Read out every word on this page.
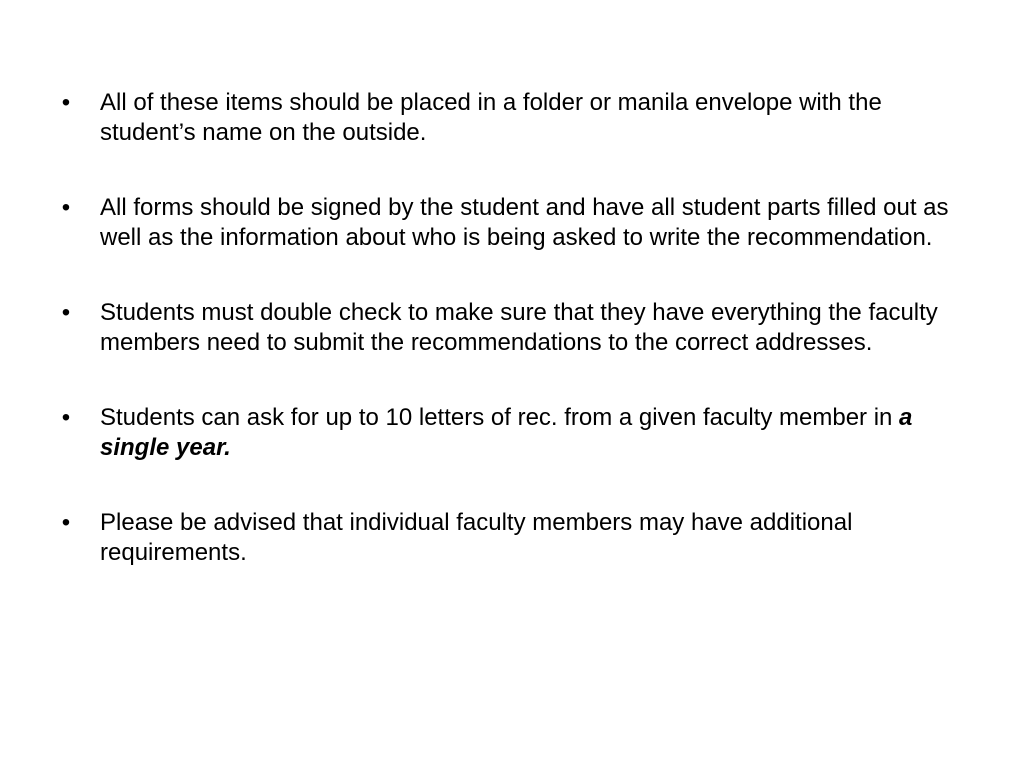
• All of these items should be placed in a folder or manila envelope with the student’s name on the outside.
• All forms should be signed by the student and have all student parts filled out as well as the information about who is being asked to write the recommendation.
• Students must double check to make sure that they have everything the faculty members need to submit the recommendations to the correct addresses.
• Students can ask for up to 10 letters of rec. from a given faculty member in a single year.
• Please be advised that individual faculty members may have additional requirements.
